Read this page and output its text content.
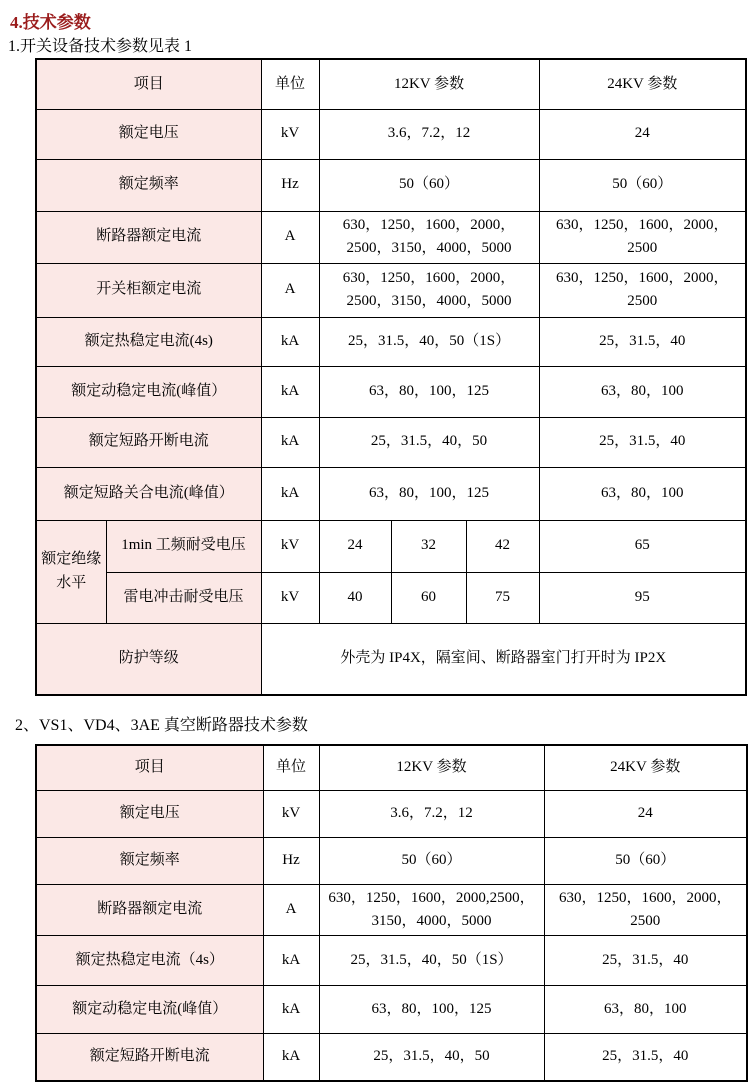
4.技术参数

1.开关设备技术参数见表 1

项目		单位	12KV 参数			24KV 参数
额定电压		kV	3.6，7.2，12			24
额定频率		Hz	50（60）			50（60）
断路器额定电流		A	630，1250，1600，2000，2500，3150，4000，5000			630，1250，1600，2000，2500
开关柜额定电流		A	630，1250，1600，2000，2500，3150，4000，5000			630，1250，1600，2000，2500
额定热稳定电流(4s)		kA	25，31.5，40，50（1S）			25，31.5，40
额定动稳定电流(峰值）		kA	63，80，100，125			63，80，100
额定短路开断电流		kA	25，31.5，40，50			25，31.5，40
额定短路关合电流(峰值）		kA	63，80，100，125			63，80，100
额定绝缘水平	1min 工频耐受电压	kV	24	32	42	65
	雷电冲击耐受电压	kV	40	60	75	95
防护等级		外壳为 IP4X，隔室间、断路器室门打开时为 IP2X				

2、VS1、VD4、3AE 真空断路器技术参数

项目	单位	12KV 参数	24KV 参数
额定电压	kV	3.6，7.2，12	24
额定频率	Hz	50（60）	50（60）
断路器额定电流	A	630，1250，1600，2000,2500，3150，4000，5000	630，1250，1600，2000，2500
额定热稳定电流（4s）	kA	25，31.5，40，50（1S）	25，31.5，40
额定动稳定电流(峰值）	kA	63，80，100，125	63，80，100
额定短路开断电流	kA	25，31.5，40，50	25，31.5，40
